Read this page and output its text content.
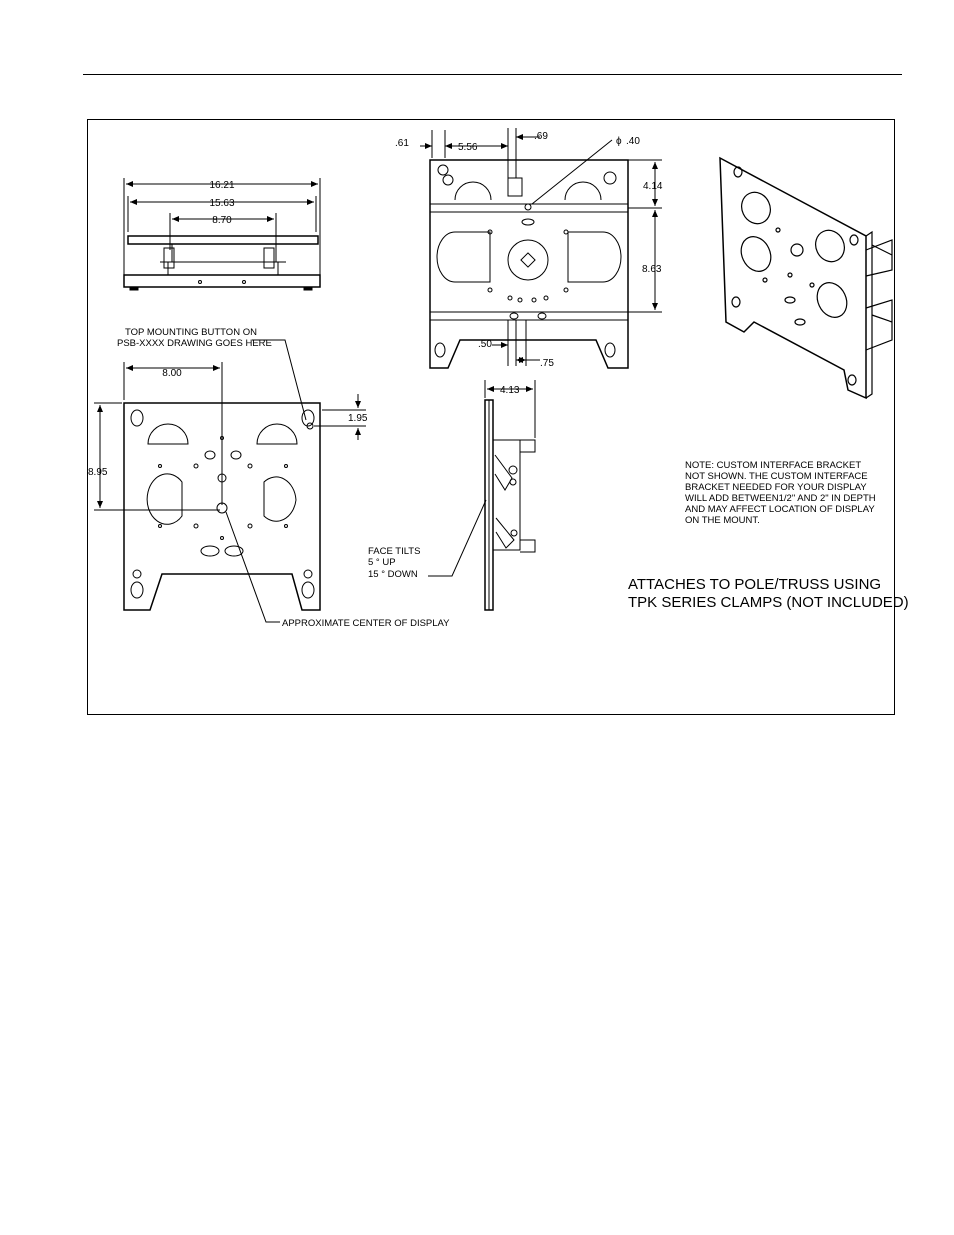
16.21
15.63
8.70
.61	5.56
.69	ϕ .40
4.14
8.63
.50
.75
8.00
1.95
8.95
TOP MOUNTING BUTTON ON
PSB-XXXX DRAWING GOES HERE
APPROXIMATE CENTER OF DISPLAY
4.13
FACE TILTS
5 ° UP
15 ° DOWN
NOTE: CUSTOM INTERFACE BRACKET
NOT SHOWN. THE CUSTOM INTERFACE
BRACKET NEEDED FOR YOUR DISPLAY
WILL ADD BETWEEN1/2" AND 2" IN DEPTH
AND MAY AFFECT LOCATION OF DISPLAY
ON THE MOUNT.
ATTACHES TO POLE/TRUSS USING
TPK SERIES CLAMPS (NOT INCLUDED)
